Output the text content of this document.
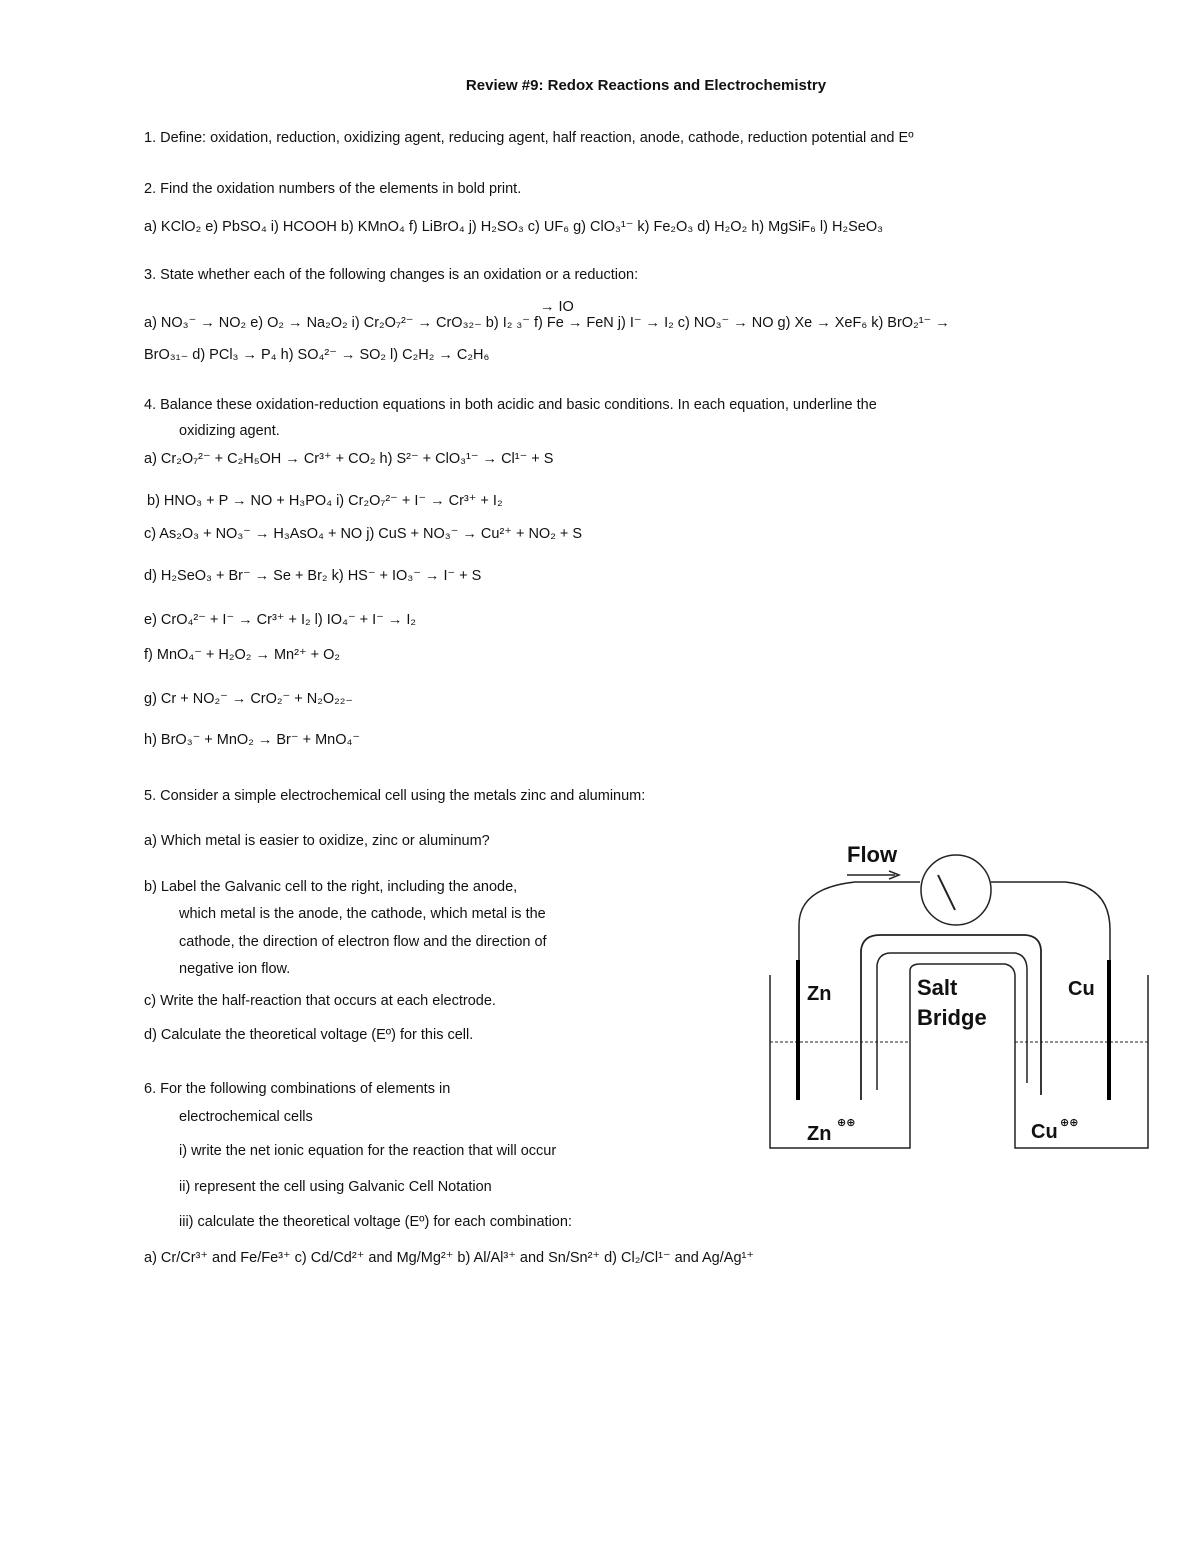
Review #9: Redox Reactions and Electrochemistry
1. Define: oxidation, reduction, oxidizing agent, reducing agent, half reaction, anode, cathode, reduction potential and Eº
2. Find the oxidation numbers of the elements in bold print.
a) KClO₂ e) PbSO₄ i) HCOOH b) KMnO₄ f) LiBrO₄ j) H₂SO₃ c) UF₆ g) ClO₃¹⁻ k) Fe₂O₃ d) H₂O₂ h) MgSiF₆ l) H₂SeO₃
3. State whether each of the following changes is an oxidation or a reduction:
→ IO
a) NO₃⁻ → NO₂ e) O₂ → Na₂O₂ i) Cr₂O₇²⁻ → CrO₃₂₋ b) I₂ ₃⁻ f) Fe → FeN j) I⁻ → I₂ c) NO₃⁻ → NO g) Xe → XeF₆ k) BrO₂¹⁻ →
BrO₃₁₋ d) PCl₃ → P₄ h) SO₄²⁻ → SO₂ l) C₂H₂ → C₂H₆
4. Balance these oxidation-reduction equations in both acidic and basic conditions. In each equation, underline the
oxidizing agent.
a) Cr₂O₇²⁻ + C₂H₅OH → Cr³⁺ + CO₂ h) S²⁻ + ClO₃¹⁻ → Cl¹⁻ + S
b) HNO₃ + P → NO + H₃PO₄ i) Cr₂O₇²⁻ + I⁻ → Cr³⁺ + I₂
c) As₂O₃ + NO₃⁻ → H₃AsO₄ + NO j) CuS + NO₃⁻ → Cu²⁺ + NO₂ + S
d) H₂SeO₃ + Br⁻ → Se + Br₂ k) HS⁻ + IO₃⁻ → I⁻ + S
e) CrO₄²⁻ + I⁻ → Cr³⁺ + I₂ l) IO₄⁻ + I⁻ → I₂
f) MnO₄⁻ + H₂O₂ → Mn²⁺ + O₂
g) Cr + NO₂⁻ → CrO₂⁻ + N₂O₂₂₋
h) BrO₃⁻ + MnO₂ → Br⁻ + MnO₄⁻
5. Consider a simple electrochemical cell using the metals zinc and aluminum:
a) Which metal is easier to oxidize, zinc or aluminum?
b) Label the Galvanic cell to the right, including the anode,
which metal is the anode, the cathode, which metal is the
cathode, the direction of electron flow and the direction of
negative ion flow.
c) Write the half-reaction that occurs at each electrode.
d) Calculate the theoretical voltage (Eº) for this cell.
6. For the following combinations of elements in
electrochemical cells
i) write the net ionic equation for the reaction that will occur
ii) represent the cell using Galvanic Cell Notation
iii) calculate the theoretical voltage (Eº) for each combination:
a) Cr/Cr³⁺ and Fe/Fe³⁺ c) Cd/Cd²⁺ and Mg/Mg²⁺ b) Al/Al³⁺ and Sn/Sn²⁺ d) Cl₂/Cl¹⁻ and Ag/Ag¹⁺
Flow
Zn	Cu
Salt
Bridge
Zn	Cu
⊕⊕	⊕⊕
